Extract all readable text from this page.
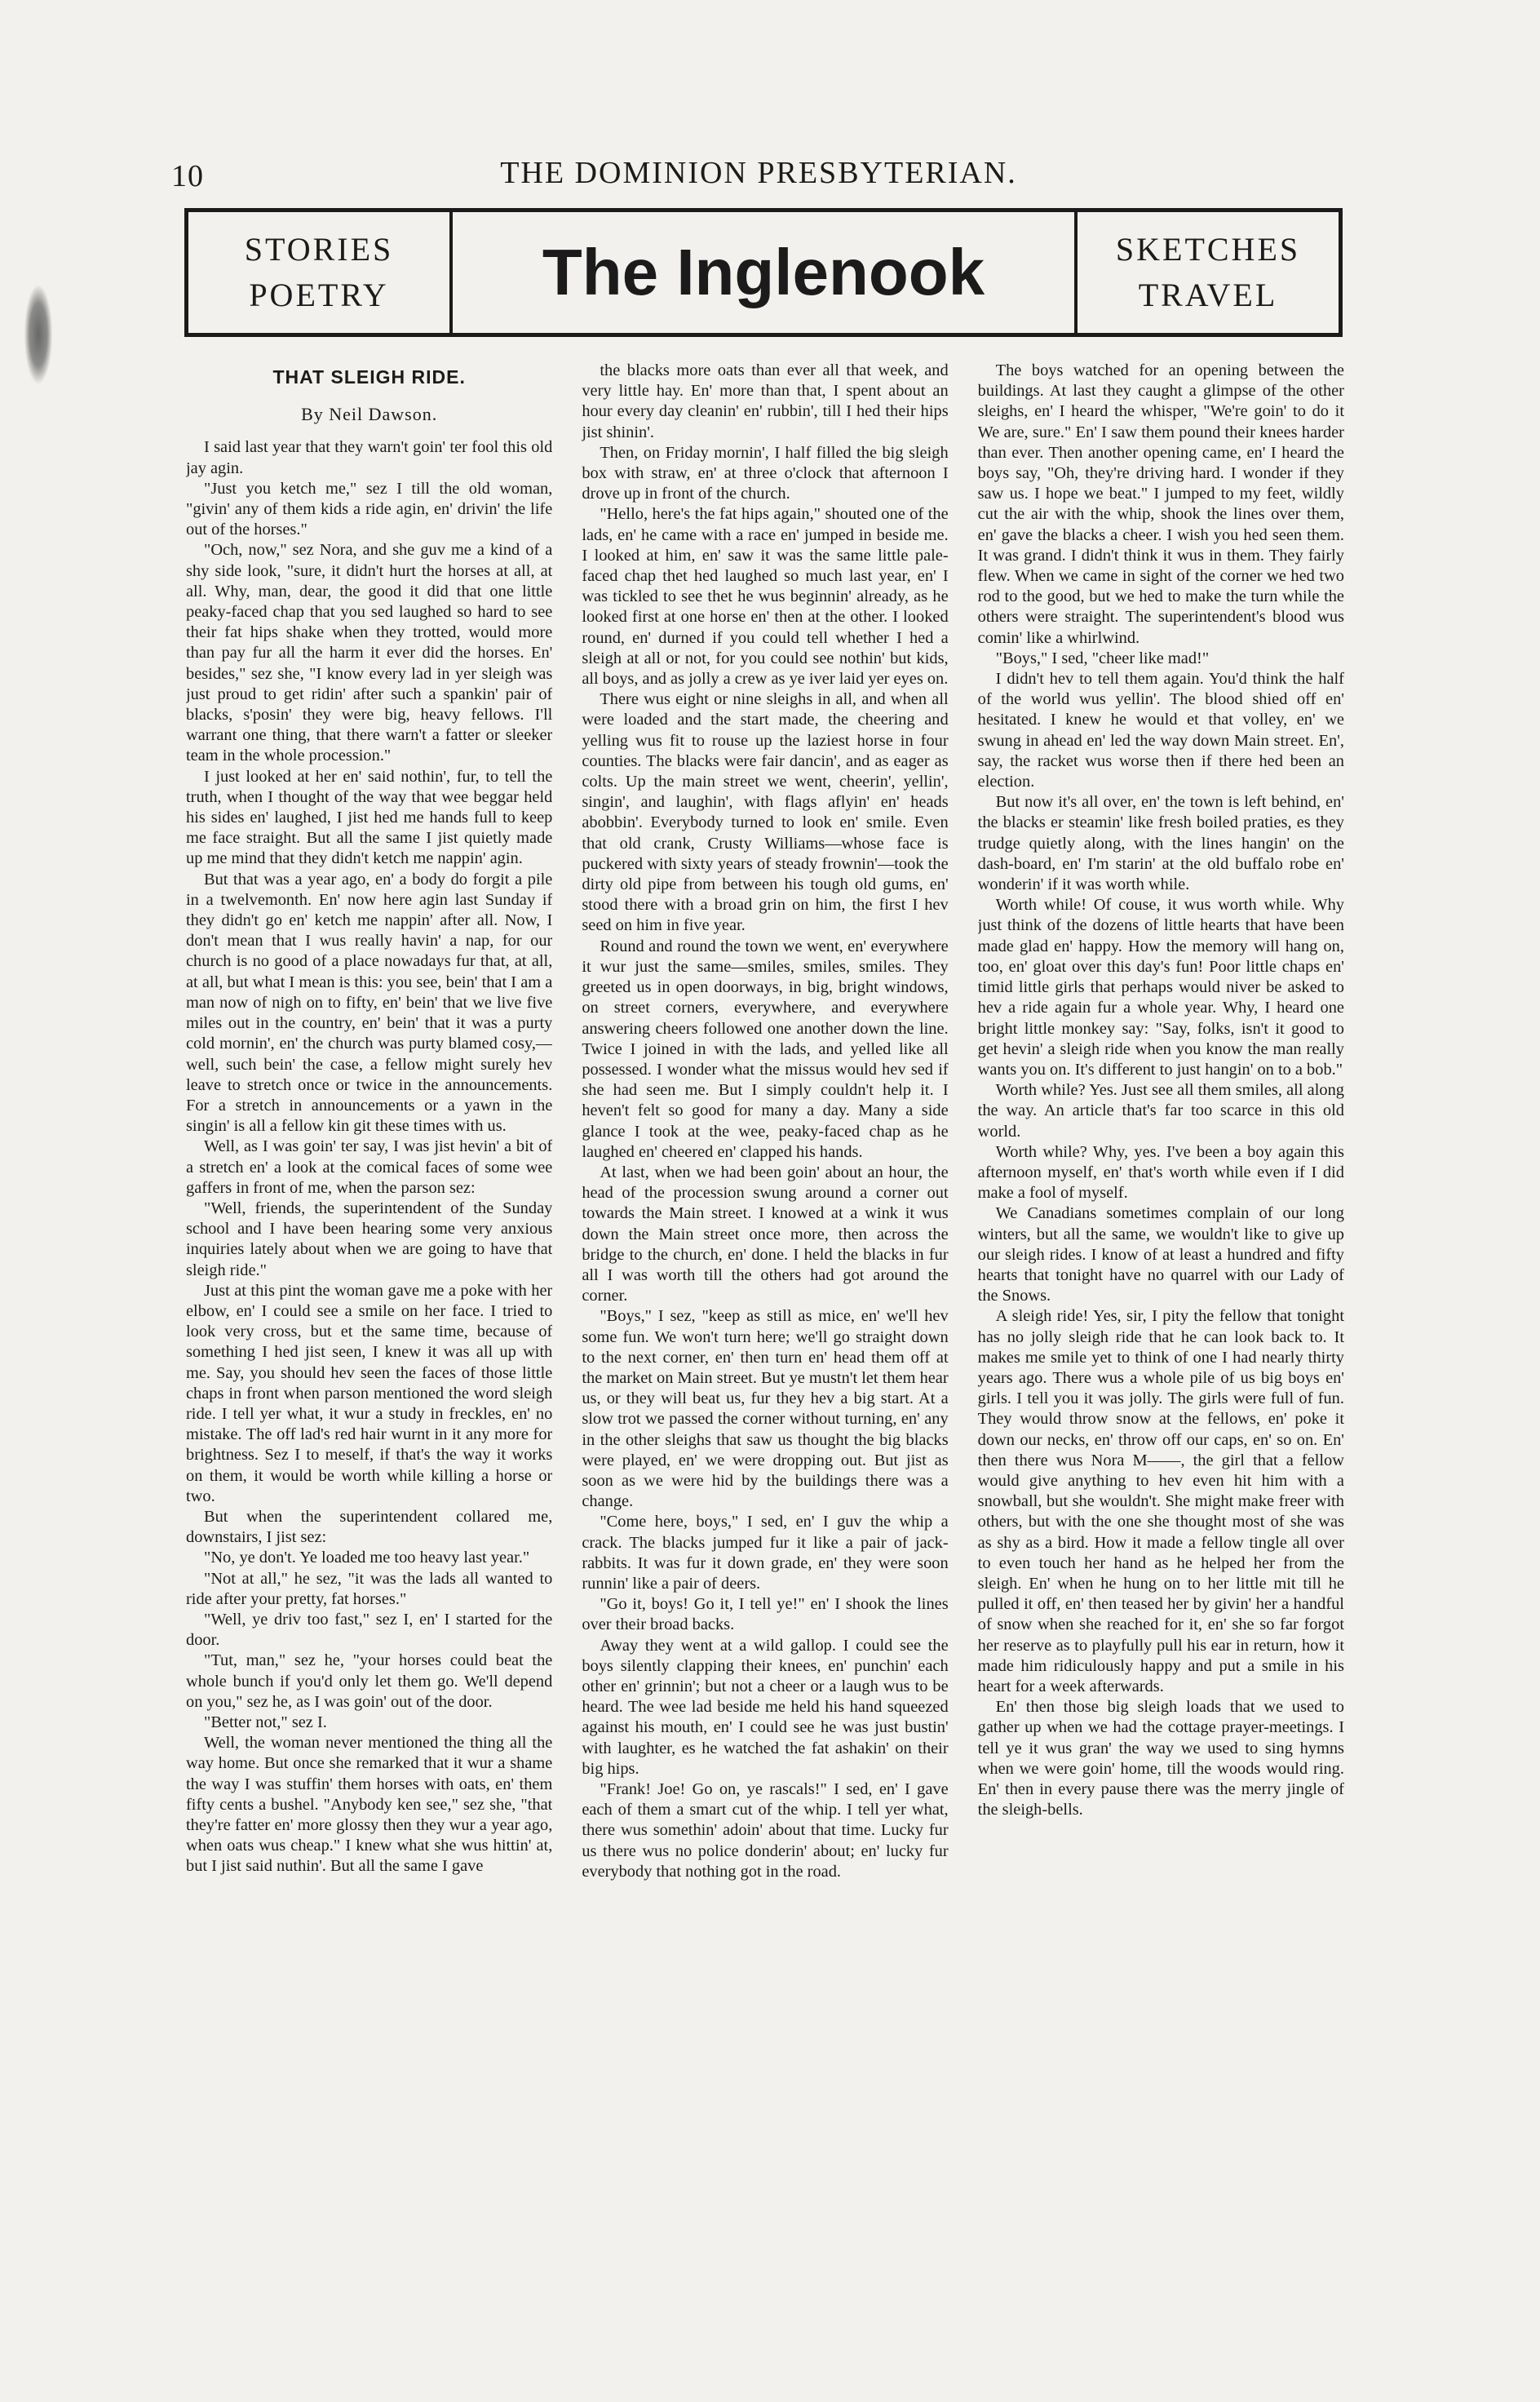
10	THE DOMINION PRESBYTERIAN.
STORIES
POETRY	The Inglenook	SKETCHES
TRAVEL
THAT SLEIGH RIDE.
By Neil Dawson.

I said last year that they warn't goin' ter fool this old jay agin.

"Just you ketch me," sez I till the old woman, "givin' any of them kids a ride agin, en' drivin' the life out of the horses."

"Och, now," sez Nora, and she guv me a kind of a shy side look, "sure, it didn't hurt the horses at all, at all. Why, man, dear, the good it did that one little peaky-faced chap that you sed laughed so hard to see their fat hips shake when they trotted, would more than pay fur all the harm it ever did the horses. En' besides," sez she, "I know every lad in yer sleigh was just proud to get ridin' after such a spankin' pair of blacks, s'posin' they were big, heavy fellows. I'll warrant one thing, that there warn't a fatter or sleeker team in the whole procession."

I just looked at her en' said nothin', fur, to tell the truth, when I thought of the way that wee beggar held his sides en' laughed, I jist hed me hands full to keep me face straight. But all the same I jist quietly made up me mind that they didn't ketch me nappin' agin.

But that was a year ago, en' a body do forgit a pile in a twelvemonth. En' now here agin last Sunday if they didn't go en' ketch me nappin' after all. Now, I don't mean that I wus really havin' a nap, for our church is no good of a place nowadays fur that, at all, at all, but what I mean is this: you see, bein' that I am a man now of nigh on to fifty, en' bein' that we live five miles out in the country, en' bein' that it was a purty cold mornin', en' the church was purty blamed cosy,—well, such bein' the case, a fellow might surely hev leave to stretch once or twice in the announcements. For a stretch in announcements or a yawn in the singin' is all a fellow kin git these times with us.

Well, as I was goin' ter say, I was jist hevin' a bit of a stretch en' a look at the comical faces of some wee gaffers in front of me, when the parson sez:

"Well, friends, the superintendent of the Sunday school and I have been hearing some very anxious inquiries lately about when we are going to have that sleigh ride."

Just at this pint the woman gave me a poke with her elbow, en' I could see a smile on her face. I tried to look very cross, but et the same time, because of something I hed jist seen, I knew it was all up with me. Say, you should hev seen the faces of those little chaps in front when parson mentioned the word sleigh ride. I tell yer what, it wur a study in freckles, en' no mistake. The off lad's red hair wurnt in it any more for brightness. Sez I to meself, if that's the way it works on them, it would be worth while killing a horse or two.

But when the superintendent collared me, downstairs, I jist sez:

"No, ye don't. Ye loaded me too heavy last year."

"Not at all," he sez, "it was the lads all wanted to ride after your pretty, fat horses."

"Well, ye driv too fast," sez I, en' I started for the door.

"Tut, man," sez he, "your horses could beat the whole bunch if you'd only let them go. We'll depend on you," sez he, as I was goin' out of the door.

"Better not," sez I.

Well, the woman never mentioned the thing all the way home. But once she remarked that it wur a shame the way I was stuffin' them horses with oats, en' them fifty cents a bushel. "Anybody ken see," sez she, "that they're fatter en' more glossy then they wur a year ago, when oats wus cheap." I knew what she wus hittin' at, but I jist said nuthin'. But all the same I gave

the blacks more oats than ever all that week, and very little hay. En' more than that, I spent about an hour every day cleanin' en' rubbin', till I hed their hips jist shinin'.

Then, on Friday mornin', I half filled the big sleigh box with straw, en' at three o'clock that afternoon I drove up in front of the church.

"Hello, here's the fat hips again," shouted one of the lads, en' he came with a race en' jumped in beside me. I looked at him, en' saw it was the same little pale-faced chap thet hed laughed so much last year, en' I was tickled to see thet he wus beginnin' already, as he looked first at one horse en' then at the other. I looked round, en' durned if you could tell whether I hed a sleigh at all or not, for you could see nothin' but kids, all boys, and as jolly a crew as ye iver laid yer eyes on.

There wus eight or nine sleighs in all, and when all were loaded and the start made, the cheering and yelling wus fit to rouse up the laziest horse in four counties. The blacks were fair dancin', and as eager as colts. Up the main street we went, cheerin', yellin', singin', and laughin', with flags aflyin' en' heads abobbin'. Everybody turned to look en' smile. Even that old crank, Crusty Williams—whose face is puckered with sixty years of steady frownin'—took the dirty old pipe from between his tough old gums, en' stood there with a broad grin on him, the first I hev seed on him in five year.

Round and round the town we went, en' everywhere it wur just the same—smiles, smiles, smiles. They greeted us in open doorways, in big, bright windows, on street corners, everywhere, and everywhere answering cheers followed one another down the line. Twice I joined in with the lads, and yelled like all possessed. I wonder what the missus would hev sed if she had seen me. But I simply couldn't help it. I heven't felt so good for many a day. Many a side glance I took at the wee, peaky-faced chap as he laughed en' cheered en' clapped his hands.

At last, when we had been goin' about an hour, the head of the procession swung around a corner out towards the Main street. I knowed at a wink it wus down the Main street once more, then across the bridge to the church, en' done. I held the blacks in fur all I was worth till the others had got around the corner.

"Boys," I sez, "keep as still as mice, en' we'll hev some fun. We won't turn here; we'll go straight down to the next corner, en' then turn en' head them off at the market on Main street. But ye mustn't let them hear us, or they will beat us, fur they hev a big start. At a slow trot we passed the corner without turning, en' any in the other sleighs that saw us thought the big blacks were played, en' we were dropping out. But jist as soon as we were hid by the buildings there was a change.

"Come here, boys," I sed, en' I guv the whip a crack. The blacks jumped fur it like a pair of jack-rabbits. It was fur it down grade, en' they were soon runnin' like a pair of deers.

"Go it, boys! Go it, I tell ye!" en' I shook the lines over their broad backs.

Away they went at a wild gallop. I could see the boys silently clapping their knees, en' punchin' each other en' grinnin'; but not a cheer or a laugh wus to be heard. The wee lad beside me held his hand squeezed against his mouth, en' I could see he was just bustin' with laughter, es he watched the fat ashakin' on their big hips.

"Frank! Joe! Go on, ye rascals!" I sed, en' I gave each of them a smart cut of the whip. I tell yer what, there wus somethin' adoin' about that time. Lucky fur us there wus no police donderin' about; en' lucky fur everybody that nothing got in the road.

The boys watched for an opening between the buildings. At last they caught a glimpse of the other sleighs, en' I heard the whisper, "We're goin' to do it We are, sure." En' I saw them pound their knees harder than ever. Then another opening came, en' I heard the boys say, "Oh, they're driving hard. I wonder if they saw us. I hope we beat." I jumped to my feet, wildly cut the air with the whip, shook the lines over them, en' gave the blacks a cheer. I wish you hed seen them. It was grand. I didn't think it wus in them. They fairly flew. When we came in sight of the corner we hed two rod to the good, but we hed to make the turn while the others were straight. The superintendent's blood wus comin' like a whirlwind.

"Boys," I sed, "cheer like mad!"

I didn't hev to tell them again. You'd think the half of the world wus yellin'. The blood shied off en' hesitated. I knew he would et that volley, en' we swung in ahead en' led the way down Main street. En', say, the racket wus worse then if there hed been an election.

But now it's all over, en' the town is left behind, en' the blacks er steamin' like fresh boiled praties, es they trudge quietly along, with the lines hangin' on the dash-board, en' I'm starin' at the old buffalo robe en' wonderin' if it was worth while.

Worth while! Of couse, it wus worth while. Why just think of the dozens of little hearts that have been made glad en' happy. How the memory will hang on, too, en' gloat over this day's fun! Poor little chaps en' timid little girls that perhaps would niver be asked to hev a ride again fur a whole year. Why, I heard one bright little monkey say: "Say, folks, isn't it good to get hevin' a sleigh ride when you know the man really wants you on. It's different to just hangin' on to a bob."

Worth while? Yes. Just see all them smiles, all along the way. An article that's far too scarce in this old world.

Worth while? Why, yes. I've been a boy again this afternoon myself, en' that's worth while even if I did make a fool of myself.

We Canadians sometimes complain of our long winters, but all the same, we wouldn't like to give up our sleigh rides. I know of at least a hundred and fifty hearts that tonight have no quarrel with our Lady of the Snows.

A sleigh ride! Yes, sir, I pity the fellow that tonight has no jolly sleigh ride that he can look back to. It makes me smile yet to think of one I had nearly thirty years ago. There wus a whole pile of us big boys en' girls. I tell you it was jolly. The girls were full of fun. They would throw snow at the fellows, en' poke it down our necks, en' throw off our caps, en' so on. En' then there wus Nora M——, the girl that a fellow would give anything to hev even hit him with a snowball, but she wouldn't. She might make freer with others, but with the one she thought most of she was as shy as a bird. How it made a fellow tingle all over to even touch her hand as he helped her from the sleigh. En' when he hung on to her little mit till he pulled it off, en' then teased her by givin' her a handful of snow when she reached for it, en' she so far forgot her reserve as to playfully pull his ear in return, how it made him ridiculously happy and put a smile in his heart for a week afterwards.

En' then those big sleigh loads that we used to gather up when we had the cottage prayer-meetings. I tell ye it wus gran' the way we used to sing hymns when we were goin' home, till the woods would ring. En' then in every pause there was the merry jingle of the sleigh-bells.
